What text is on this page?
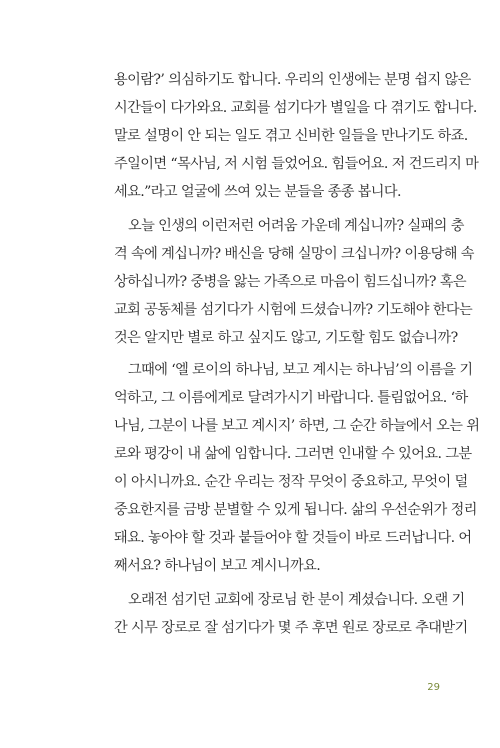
용이람?’ 의심하기도 합니다. 우리의 인생에는 분명 쉽지 않은
시간들이 다가와요. 교회를 섬기다가 별일을 다 겪기도 합니다.
말로 설명이 안 되는 일도 겪고 신비한 일들을 만나기도 하죠.
주일이면 “목사님, 저 시험 들었어요. 힘들어요. 저 건드리지 마
세요.”라고 얼굴에 쓰여 있는 분들을 종종 봅니다.
오늘 인생의 이런저런 어려움 가운데 계십니까? 실패의 충
격 속에 계십니까? 배신을 당해 실망이 크십니까? 이용당해 속
상하십니까? 중병을 앓는 가족으로 마음이 힘드십니까? 혹은
교회 공동체를 섬기다가 시험에 드셨습니까? 기도해야 한다는
것은 알지만 별로 하고 싶지도 않고, 기도할 힘도 없습니까?
그때에 ‘엘 로이의 하나님, 보고 계시는 하나님’의 이름을 기
억하고, 그 이름에게로 달려가시기 바랍니다. 틀림없어요. ‘하
나님, 그분이 나를 보고 계시지’ 하면, 그 순간 하늘에서 오는 위
로와 평강이 내 삶에 임합니다. 그러면 인내할 수 있어요. 그분
이 아시니까요. 순간 우리는 정작 무엇이 중요하고, 무엇이 덜
중요한지를 금방 분별할 수 있게 됩니다. 삶의 우선순위가 정리
돼요. 놓아야 할 것과 붙들어야 할 것들이 바로 드러납니다. 어
째서요? 하나님이 보고 계시니까요.
오래전 섬기던 교회에 장로님 한 분이 계셨습니다. 오랜 기
간 시무 장로로 잘 섬기다가 몇 주 후면 원로 장로로 추대받기
29
